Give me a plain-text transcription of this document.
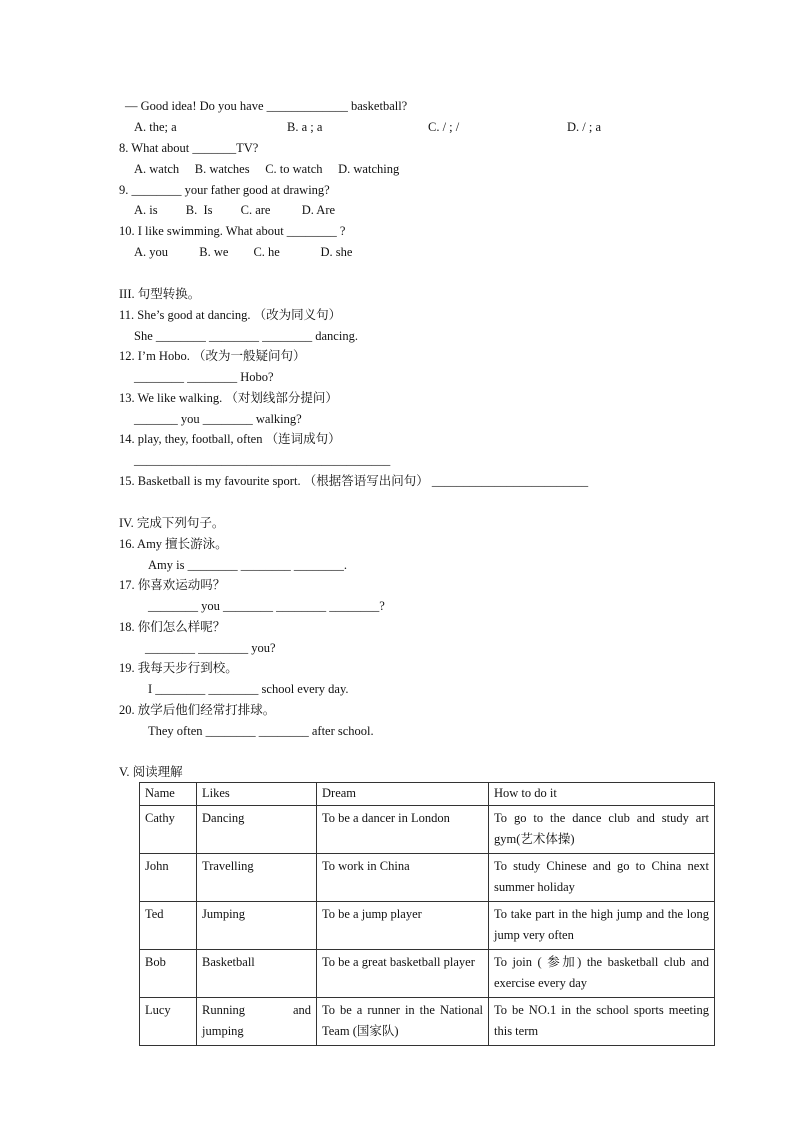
— Good idea! Do you have _____________ basketball?
A. the; a	B. a ; a	C. / ; /	D. / ; a
8. What about _______TV?
A. watch     B. watches     C. to watch     D. watching
9. ________ your father good at drawing?
A. is         B.  Is         C. are          D. Are
10. I like swimming. What about ________ ?
A. you          B. we        C. he             D. she
III. 句型转换。
11. She’s good at dancing. （改为同义句）
She ________ ________ ________ dancing.
12. I’m Hobo. （改为一般疑问句）
________ ________ Hobo?
13. We like walking. （对划线部分提问）
_______ you ________ walking?
14. play, they, football, often （连词成句）
_________________________________________
15. Basketball is my favourite sport. （根据答语写出问句） _________________________
IV. 完成下列句子。
16. Amy 擅长游泳。
Amy is ________ ________ ________.
17. 你喜欢运动吗？
________ you ________ ________ ________?
18. 你们怎么样呢？
________ ________ you?
19. 我每天步行到校。
I ________ ________ school every day.
20. 放学后他们经常打排球。
They often ________ ________ after school.
V. 阅读理解
Name	Likes	Dream	How to do it
Cathy	Dancing	To be a dancer in London	To go to the dance club and study art gym(艺术体操)
John	Travelling	To work in China	To study Chinese and go to China next summer holiday
Ted	Jumping	To be a jump player	To take part in the high jump and the long jump very often
Bob	Basketball	To be a great basketball player	To join ( 参加) the basketball club and exercise every day
Lucy	Running and jumping	To be a runner in the National Team (国家队)	To be NO.1 in the school sports meeting this term
